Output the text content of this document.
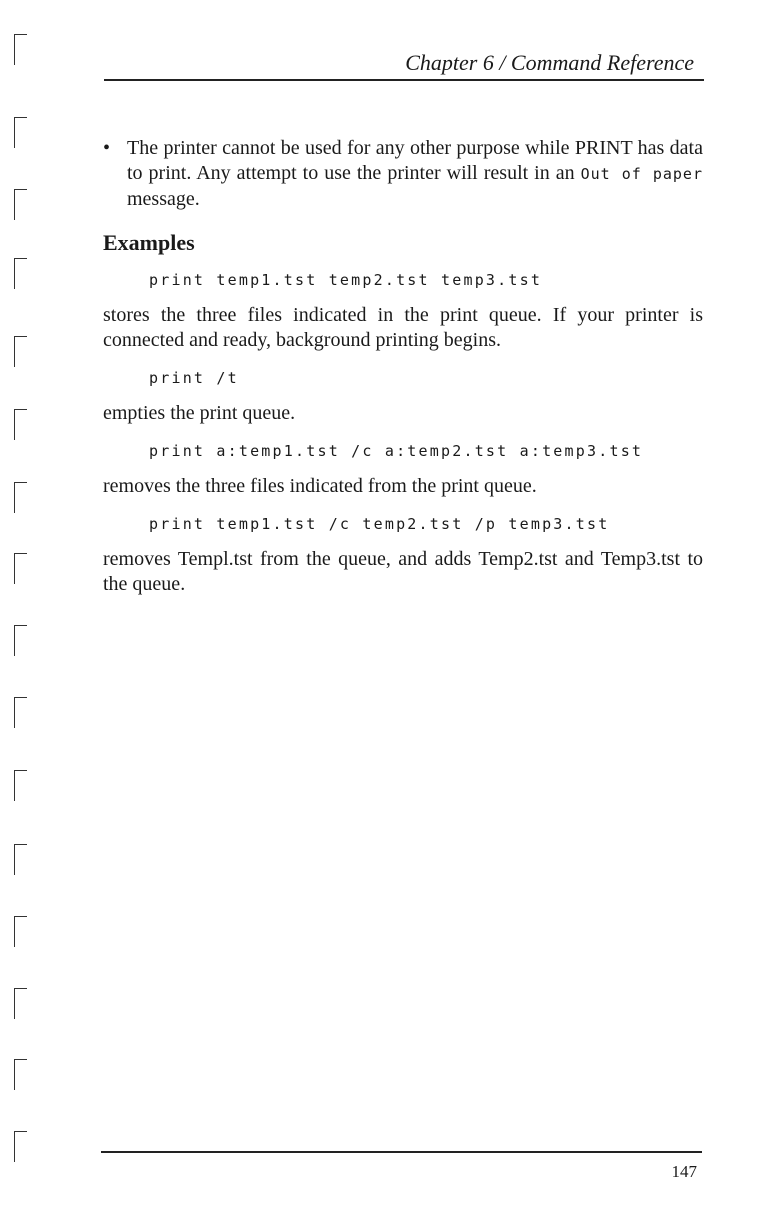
Chapter 6 / Command Reference
• The printer cannot be used for any other purpose while PRINT has data to print. Any attempt to use the printer will result in an Out of paper message.
Examples
print temp1.tst temp2.tst temp3.tst
stores the three files indicated in the print queue. If your printer is connected and ready, background printing begins.
print /t
empties the print queue.
print a:temp1.tst /c a:temp2.tst a:temp3.tst
removes the three files indicated from the print queue.
print temp1.tst /c temp2.tst /p temp3.tst
removes Templ.tst from the queue, and adds Temp2.tst and Temp3.tst to the queue.
147
